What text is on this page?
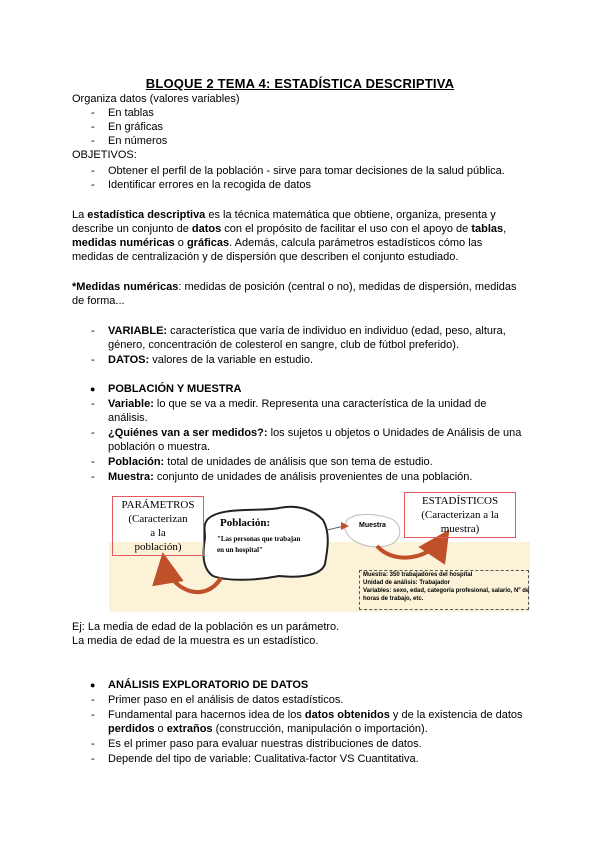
BLOQUE 2 TEMA 4: ESTADÍSTICA DESCRIPTIVA
Organiza datos (valores variables)
- En tablas
- En gráficas
- En números
OBJETIVOS:
- Obtener el perfil de la población - sirve para tomar decisiones de la salud pública.
- Identificar errores en la recogida de datos
La estadística descriptiva es la técnica matemática que obtiene, organiza, presenta y
describe un conjunto de datos con el propósito de facilitar el uso con el apoyo de tablas,
medidas numéricas o gráficas. Además, calcula parámetros estadísticos cómo las
medidas de centralización y de dispersión que describen el conjunto estudiado.
*Medidas numéricas: medidas de posición (central o no), medidas de dispersión, medidas
de forma...
- VARIABLE: característica que varía de individuo en individuo (edad, peso, altura,
género, concentración de colesterol en sangre, club de fútbol preferido).
- DATOS: valores de la variable en estudio.
● POBLACIÓN Y MUESTRA
- Variable: lo que se va a medir. Representa una característica de la unidad de
análisis.
- ¿Quiénes van a ser medidos?: los sujetos u objetos o Unidades de Análisis de una
población o muestra.
- Población: total de unidades de análisis que son tema de estudio.
- Muestra: conjunto de unidades de análisis provenientes de una población.
PARÁMETROS
(Caracterizan
a la
población)
Población:
"Las personas que trabajan
en un hospital"
Muestra
ESTADÍSTICOS
(Caracterizan a la
muestra)
Muestra: 350 trabajadores del hospital
Unidad de análisis: Trabajador
Variables: sexo, edad, categoría profesional, salario, Nº de
horas de trabajo, etc.
Ej: La media de edad de la población es un parámetro.
La media de edad de la muestra es un estadístico.
● ANÁLISIS EXPLORATORIO DE DATOS
- Primer paso en el análisis de datos estadísticos.
- Fundamental para hacernos idea de los datos obtenidos y de la existencia de datos
perdidos o extraños (construcción, manipulación o importación).
- Es el primer paso para evaluar nuestras distribuciones de datos.
- Depende del tipo de variable: Cualitativa-factor VS Cuantitativa.
